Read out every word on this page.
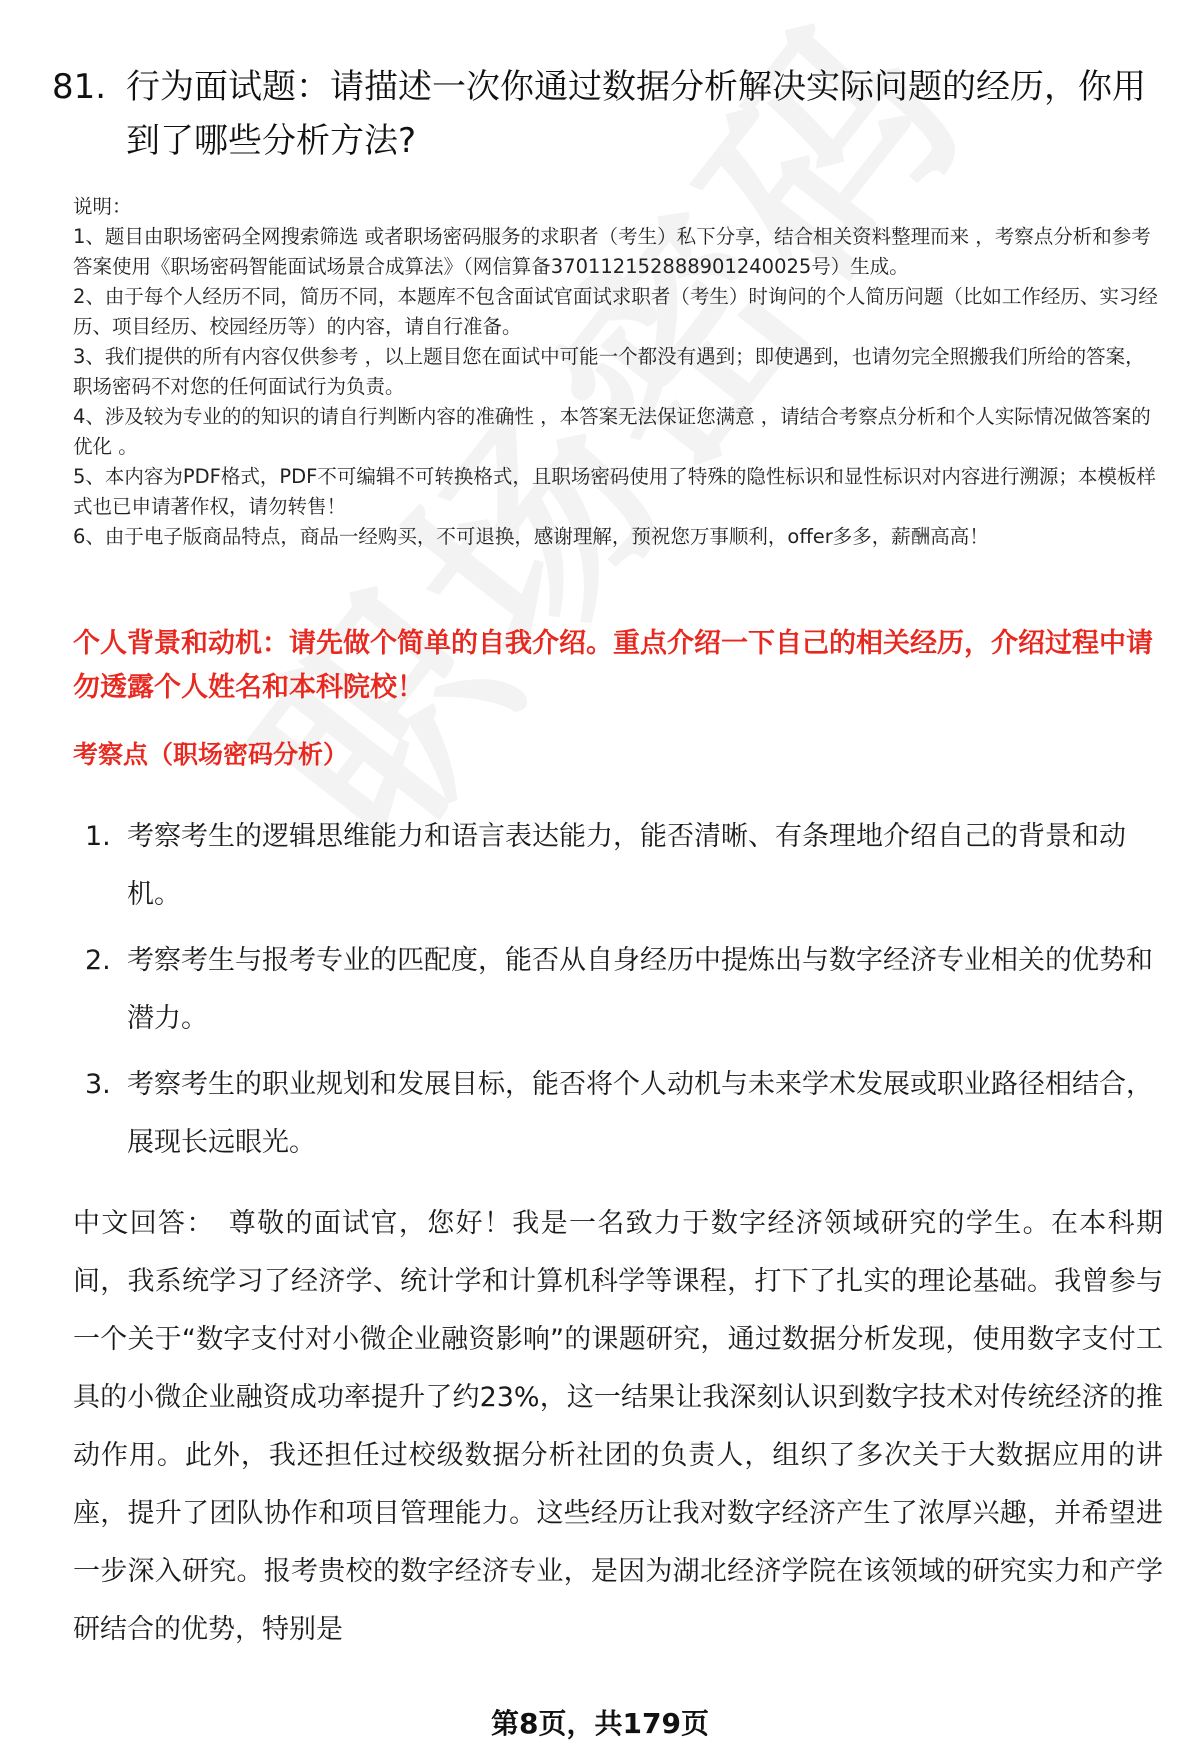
81. 行为面试题：请描述一次你通过数据分析解决实际问题的经历，你用到了哪些分析方法?

说明：

1、题目由职场密码全网搜索筛选 或者职场密码服务的求职者（考生）私下分享，结合相关资料整理而来 ，考察点分析和参考答案使用《职场密码智能面试场景合成算法》（网信算备370112152888901240025号）生成。

2、由于每个人经历不同，简历不同，本题库不包含面试官面试求职者（考生）时询问的个人简历问题（比如工作经历、实习经历、项目经历、校园经历等）的内容，请自行准备。

3、我们提供的所有内容仅供参考 ，以上题目您在面试中可能一个都没有遇到；即使遇到，也请勿完全照搬我们所给的答案，职场密码不对您的任何面试行为负责。

4、涉及较为专业的的知识的请自行判断内容的准确性 ，本答案无法保证您满意 ，请结合考察点分析和个人实际情况做答案的优化 。

5、本内容为PDF格式，PDF不可编辑不可转换格式，且职场密码使用了特殊的隐性标识和显性标识对内容进行溯源；本模板样式也已申请著作权，请勿转售！

6、由于电子版商品特点，商品一经购买，不可退换，感谢理解，预祝您万事顺利，offer多多，薪酬高高！

个人背景和动机：请先做个简单的自我介绍。重点介绍一下自己的相关经历，介绍过程中请勿透露个人姓名和本科院校！
考察点（职场密码分析）
1. 考察考生的逻辑思维能力和语言表达能力，能否清晰、有条理地介绍自己的背景和动机。
2. 考察考生与报考专业的匹配度，能否从自身经历中提炼出与数字经济专业相关的优势和潜力。
3. 考察考生的职业规划和发展目标，能否将个人动机与未来学术发展或职业路径相结合，展现长远眼光。
中文回答： 尊敬的面试官，您好！我是一名致力于数字经济领域研究的学生。在本科期间，我系统学习了经济学、统计学和计算机科学等课程，打下了扎实的理论基础。我曾参与一个关于“数字支付对小微企业融资影响”的课题研究，通过数据分析发现，使用数字支付工具的小微企业融资成功率提升了约23%，这一结果让我深刻认识到数字技术对传统经济的推动作用。此外，我还担任过校级数据分析社团的负责人，组织了多次关于大数据应用的讲座，提升了团队协作和项目管理能力。这些经历让我对数字经济产生了浓厚兴趣，并希望进一步深入研究。报考贵校的数字经济专业，是因为湖北经济学院在该领域的研究实力和产学研结合的优势，特别是
第8页，共179页
